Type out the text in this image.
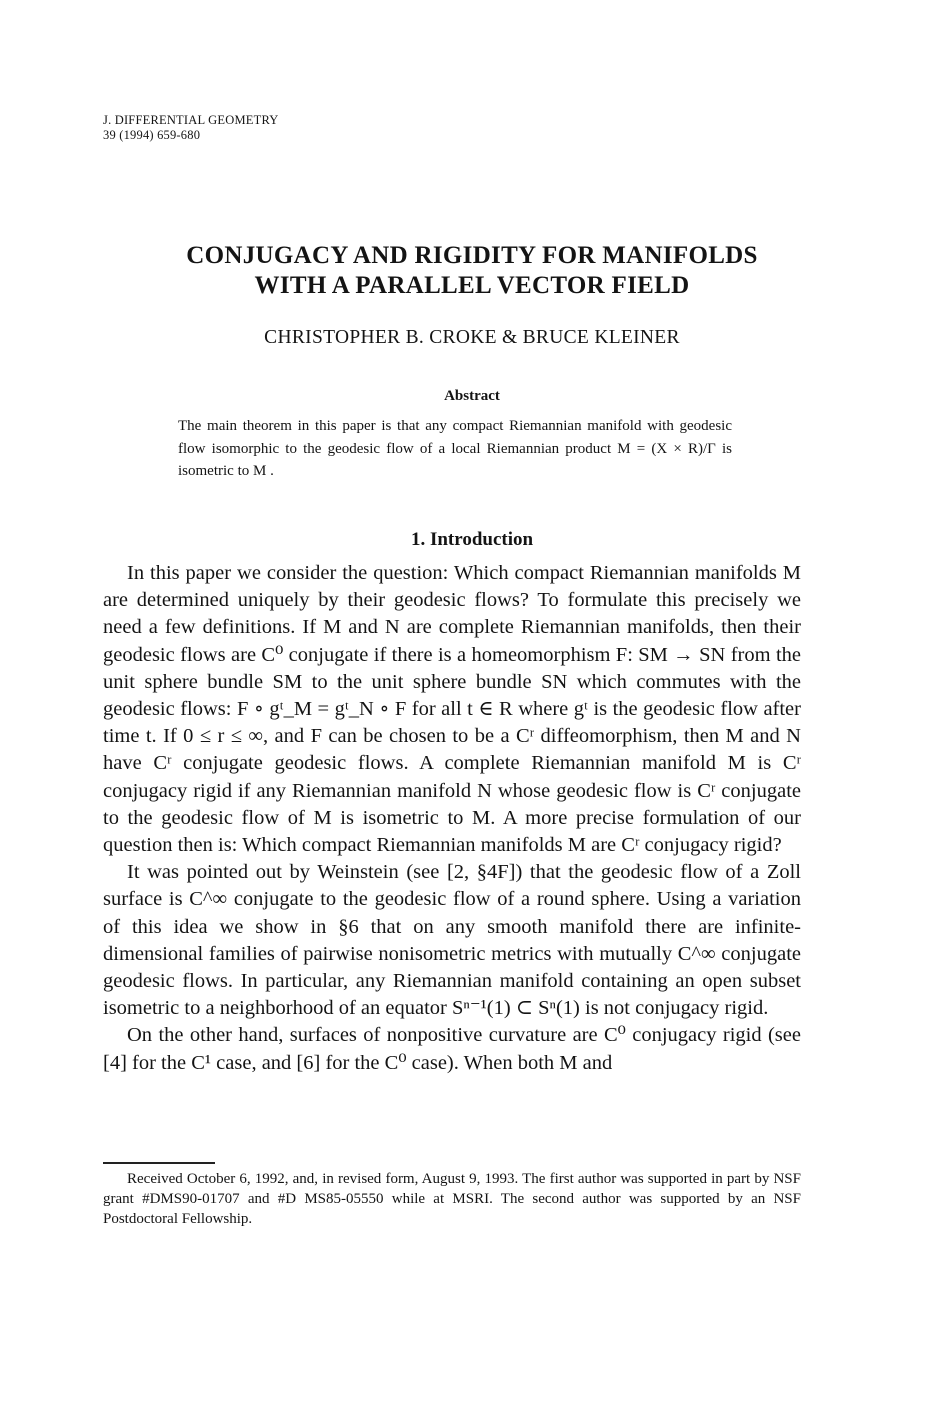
J. DIFFERENTIAL GEOMETRY
39 (1994) 659-680
CONJUGACY AND RIGIDITY FOR MANIFOLDS
WITH A PARALLEL VECTOR FIELD
CHRISTOPHER B. CROKE & BRUCE KLEINER
Abstract
The main theorem in this paper is that any compact Riemannian manifold with geodesic flow isomorphic to the geodesic flow of a local Riemannian product M = (X × R)/Γ is isometric to M .
1. Introduction

In this paper we consider the question: Which compact Riemannian manifolds M are determined uniquely by their geodesic flows? To formulate this precisely we need a few definitions. If M and N are complete Riemannian manifolds, then their geodesic flows are C⁰ conjugate if there is a homeomorphism F: SM → SN from the unit sphere bundle SM to the unit sphere bundle SN which commutes with the geodesic flows: F ∘ gᵗ_M = gᵗ_N ∘ F for all t ∈ R where gᵗ is the geodesic flow after time t. If 0 ≤ r ≤ ∞, and F can be chosen to be a Cʳ diffeomorphism, then M and N have Cʳ conjugate geodesic flows. A complete Riemannian manifold M is Cʳ conjugacy rigid if any Riemannian manifold N whose geodesic flow is Cʳ conjugate to the geodesic flow of M is isometric to M. A more precise formulation of our question then is: Which compact Riemannian manifolds M are Cʳ conjugacy rigid?

It was pointed out by Weinstein (see [2, §4F]) that the geodesic flow of a Zoll surface is C^∞ conjugate to the geodesic flow of a round sphere. Using a variation of this idea we show in §6 that on any smooth manifold there are infinite-dimensional families of pairwise nonisometric metrics with mutually C^∞ conjugate geodesic flows. In particular, any Riemannian manifold containing an open subset isometric to a neighborhood of an equator Sⁿ⁻¹(1) ⊂ Sⁿ(1) is not conjugacy rigid.

On the other hand, surfaces of nonpositive curvature are C⁰ conjugacy rigid (see [4] for the C¹ case, and [6] for the C⁰ case). When both M and

Received October 6, 1992, and, in revised form, August 9, 1993. The first author was supported in part by NSF grant #DMS90-01707 and #D MS85-05550 while at MSRI. The second author was supported by an NSF Postdoctoral Fellowship.
